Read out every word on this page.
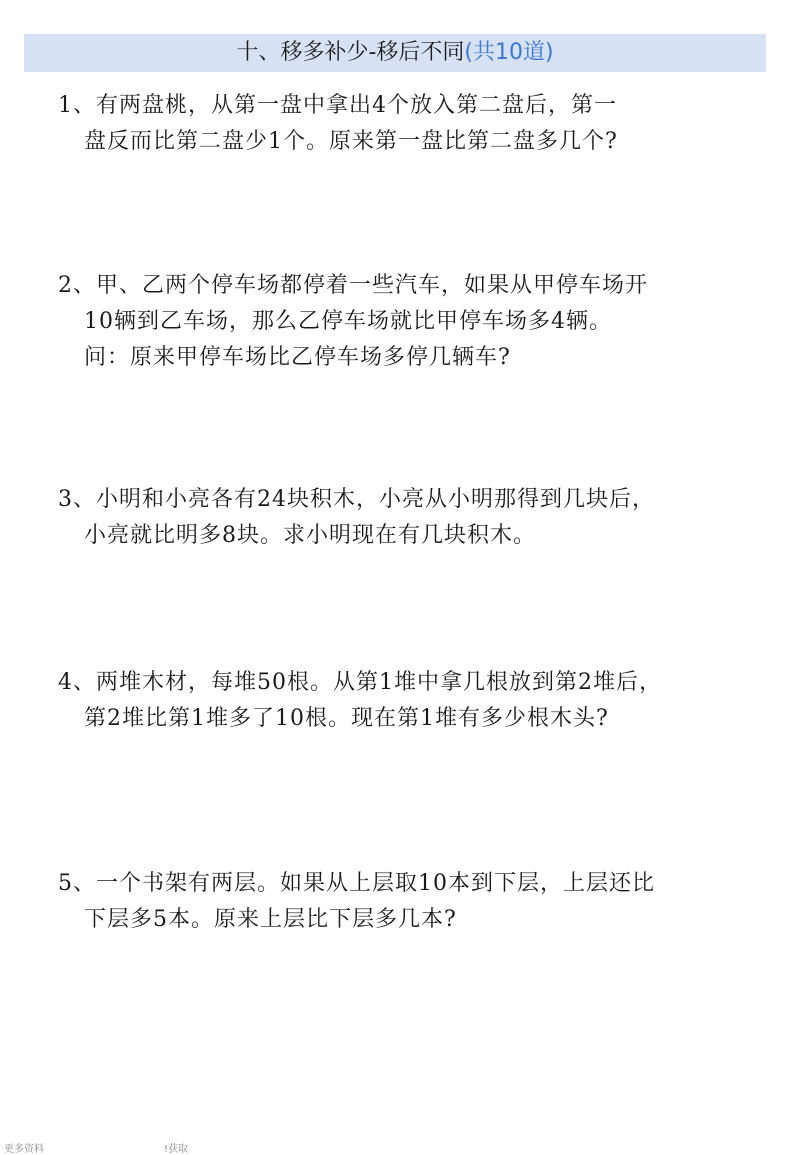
十、移多补少-移后不同(共10道)
1、有两盘桃，从第一盘中拿出4个放入第二盘后，第一
盘反而比第二盘少1个。原来第一盘比第二盘多几个?
2、甲、乙两个停车场都停着一些汽车，如果从甲停车场开
10辆到乙车场，那么乙停车场就比甲停车场多4辆。
问：原来甲停车场比乙停车场多停几辆车?
3、小明和小亮各有24块积木，小亮从小明那得到几块后，
小亮就比明多8块。求小明现在有几块积木。
4、两堆木材，每堆50根。从第1堆中拿几根放到第2堆后，
第2堆比第1堆多了10根。现在第1堆有多少根木头?
5、一个书架有两层。如果从上层取10本到下层，上层还比
下层多5本。原来上层比下层多几本?
更多资料	!获取
